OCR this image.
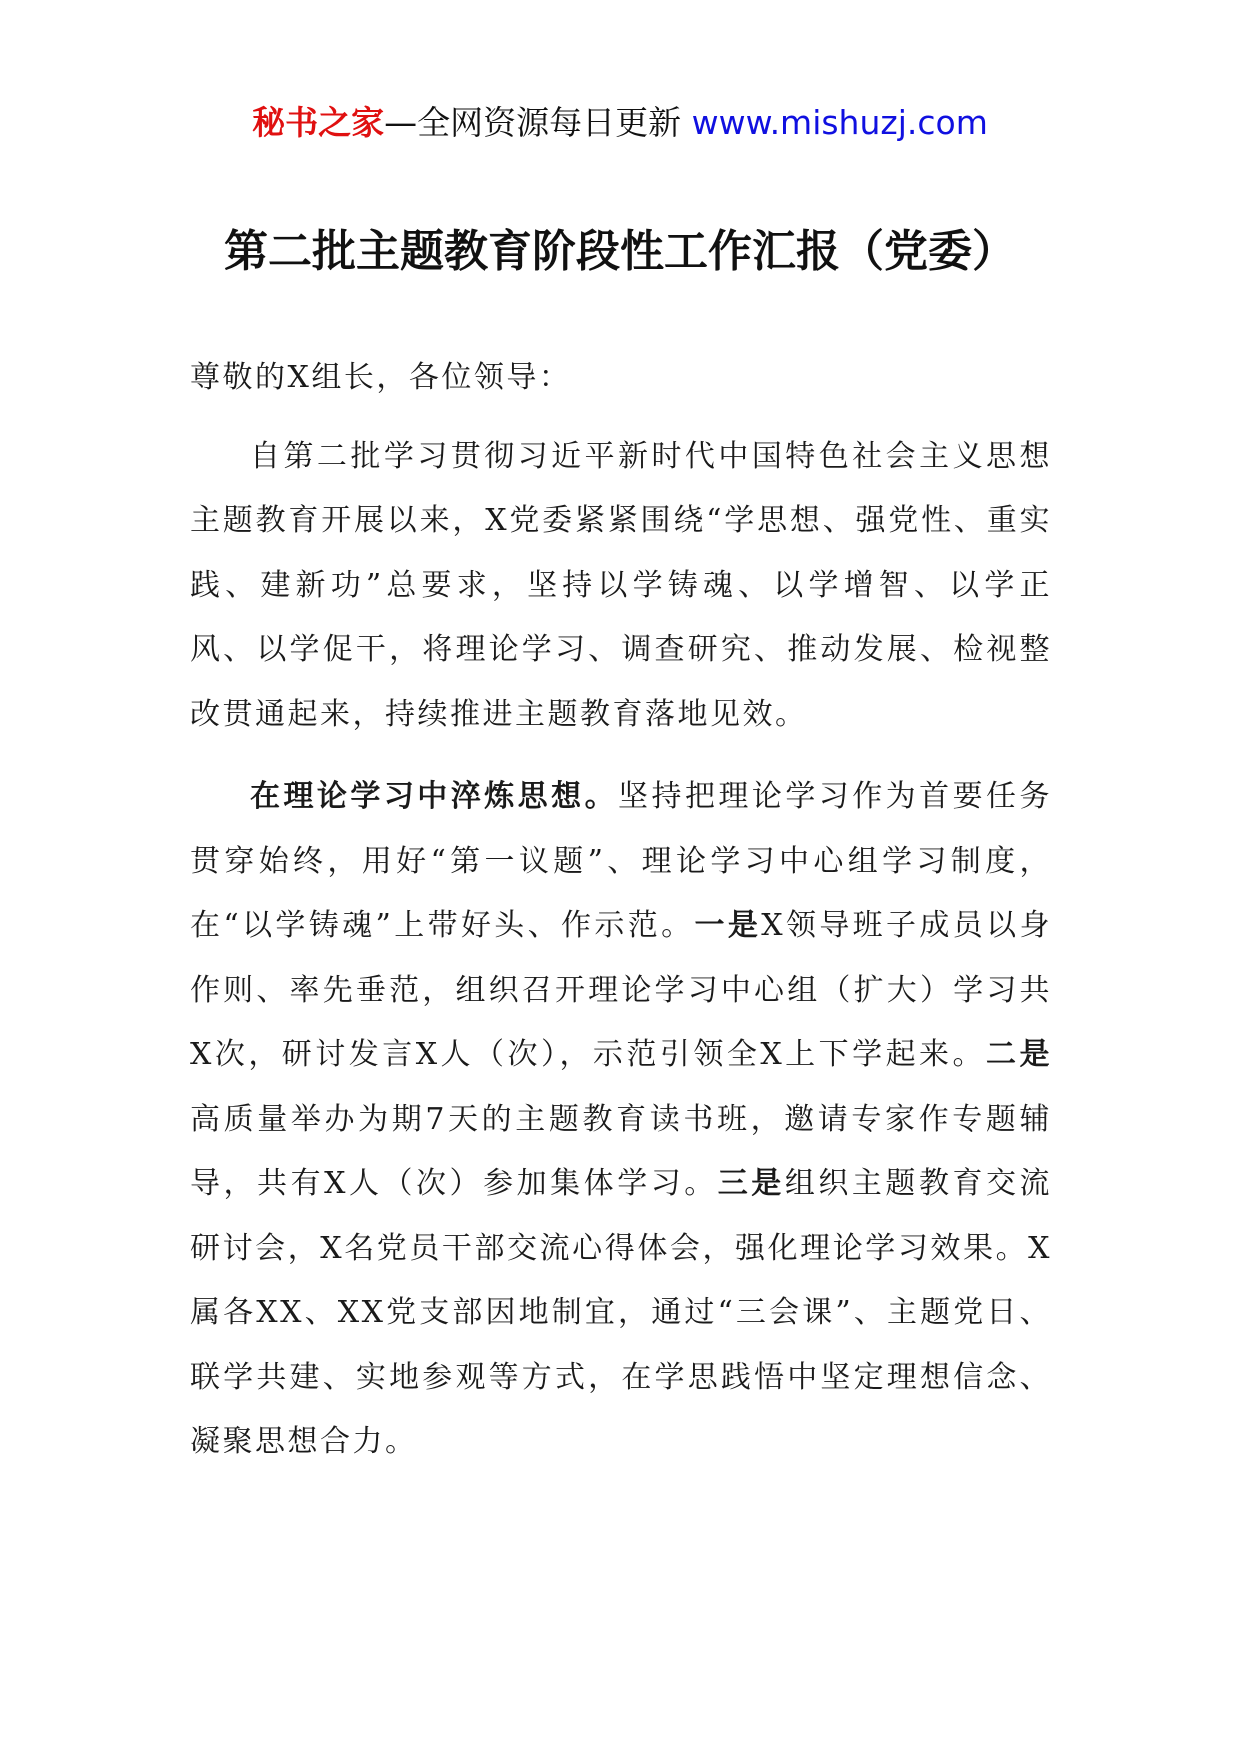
秘书之家—全网资源每日更新 www.mishuzj.com
第二批主题教育阶段性工作汇报（党委）

尊敬的X组长，各位领导：

自第二批学习贯彻习近平新时代中国特色社会主义思想主题教育开展以来，X党委紧紧围绕“学思想、强党性、重实践、建新功”总要求，坚持以学铸魂、以学增智、以学正风、以学促干，将理论学习、调查研究、推动发展、检视整改贯通起来，持续推进主题教育落地见效。

在理论学习中淬炼思想。坚持把理论学习作为首要任务贯穿始终，用好“第一议题”、理论学习中心组学习制度，在“以学铸魂”上带好头、作示范。一是X领导班子成员以身作则、率先垂范，组织召开理论学习中心组（扩大）学习共X次，研讨发言X人（次），示范引领全X上下学起来。二是高质量举办为期7天的主题教育读书班，邀请专家作专题辅导，共有X人（次）参加集体学习。三是组织主题教育交流研讨会，X名党员干部交流心得体会，强化理论学习效果。X属各XX、XX党支部因地制宜，通过“三会课”、主题党日、联学共建、实地参观等方式，在学思践悟中坚定理想信念、凝聚思想合力。
